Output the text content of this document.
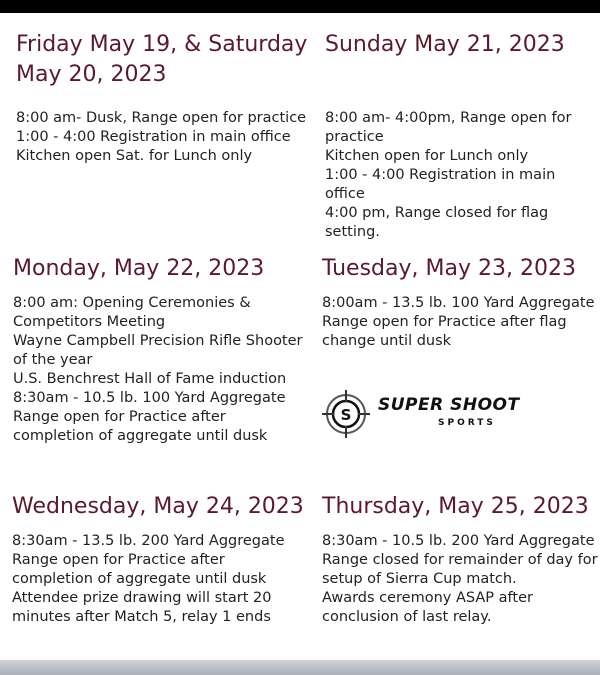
Friday May 19, & Saturday May 20, 2023
8:00 am- Dusk, Range open for practice
1:00 - 4:00 Registration in main office
Kitchen open Sat. for Lunch only
Sunday May 21, 2023
8:00 am- 4:00pm, Range open for practice
Kitchen open for Lunch only
1:00 - 4:00 Registration in main office
4:00 pm, Range closed for flag setting.
Monday, May 22, 2023
8:00 am: Opening Ceremonies & Competitors Meeting
Wayne Campbell Precision Rifle Shooter of the year
U.S. Benchrest Hall of Fame induction
8:30am - 10.5 lb. 100 Yard Aggregate
Range open for Practice after completion of aggregate until dusk
Tuesday, May 23, 2023
8:00am - 13.5 lb. 100 Yard Aggregate
Range open for Practice after flag change until dusk
S SUPER SHOOT
SPORTS
Wednesday, May 24, 2023
8:30am - 13.5 lb. 200 Yard Aggregate
Range open for Practice after completion of aggregate until dusk
Attendee prize drawing will start 20 minutes after Match 5, relay 1 ends
Thursday, May 25, 2023
8:30am - 10.5 lb. 200 Yard Aggregate
Range closed for remainder of day for setup of Sierra Cup match.
Awards ceremony ASAP after conclusion of last relay.
